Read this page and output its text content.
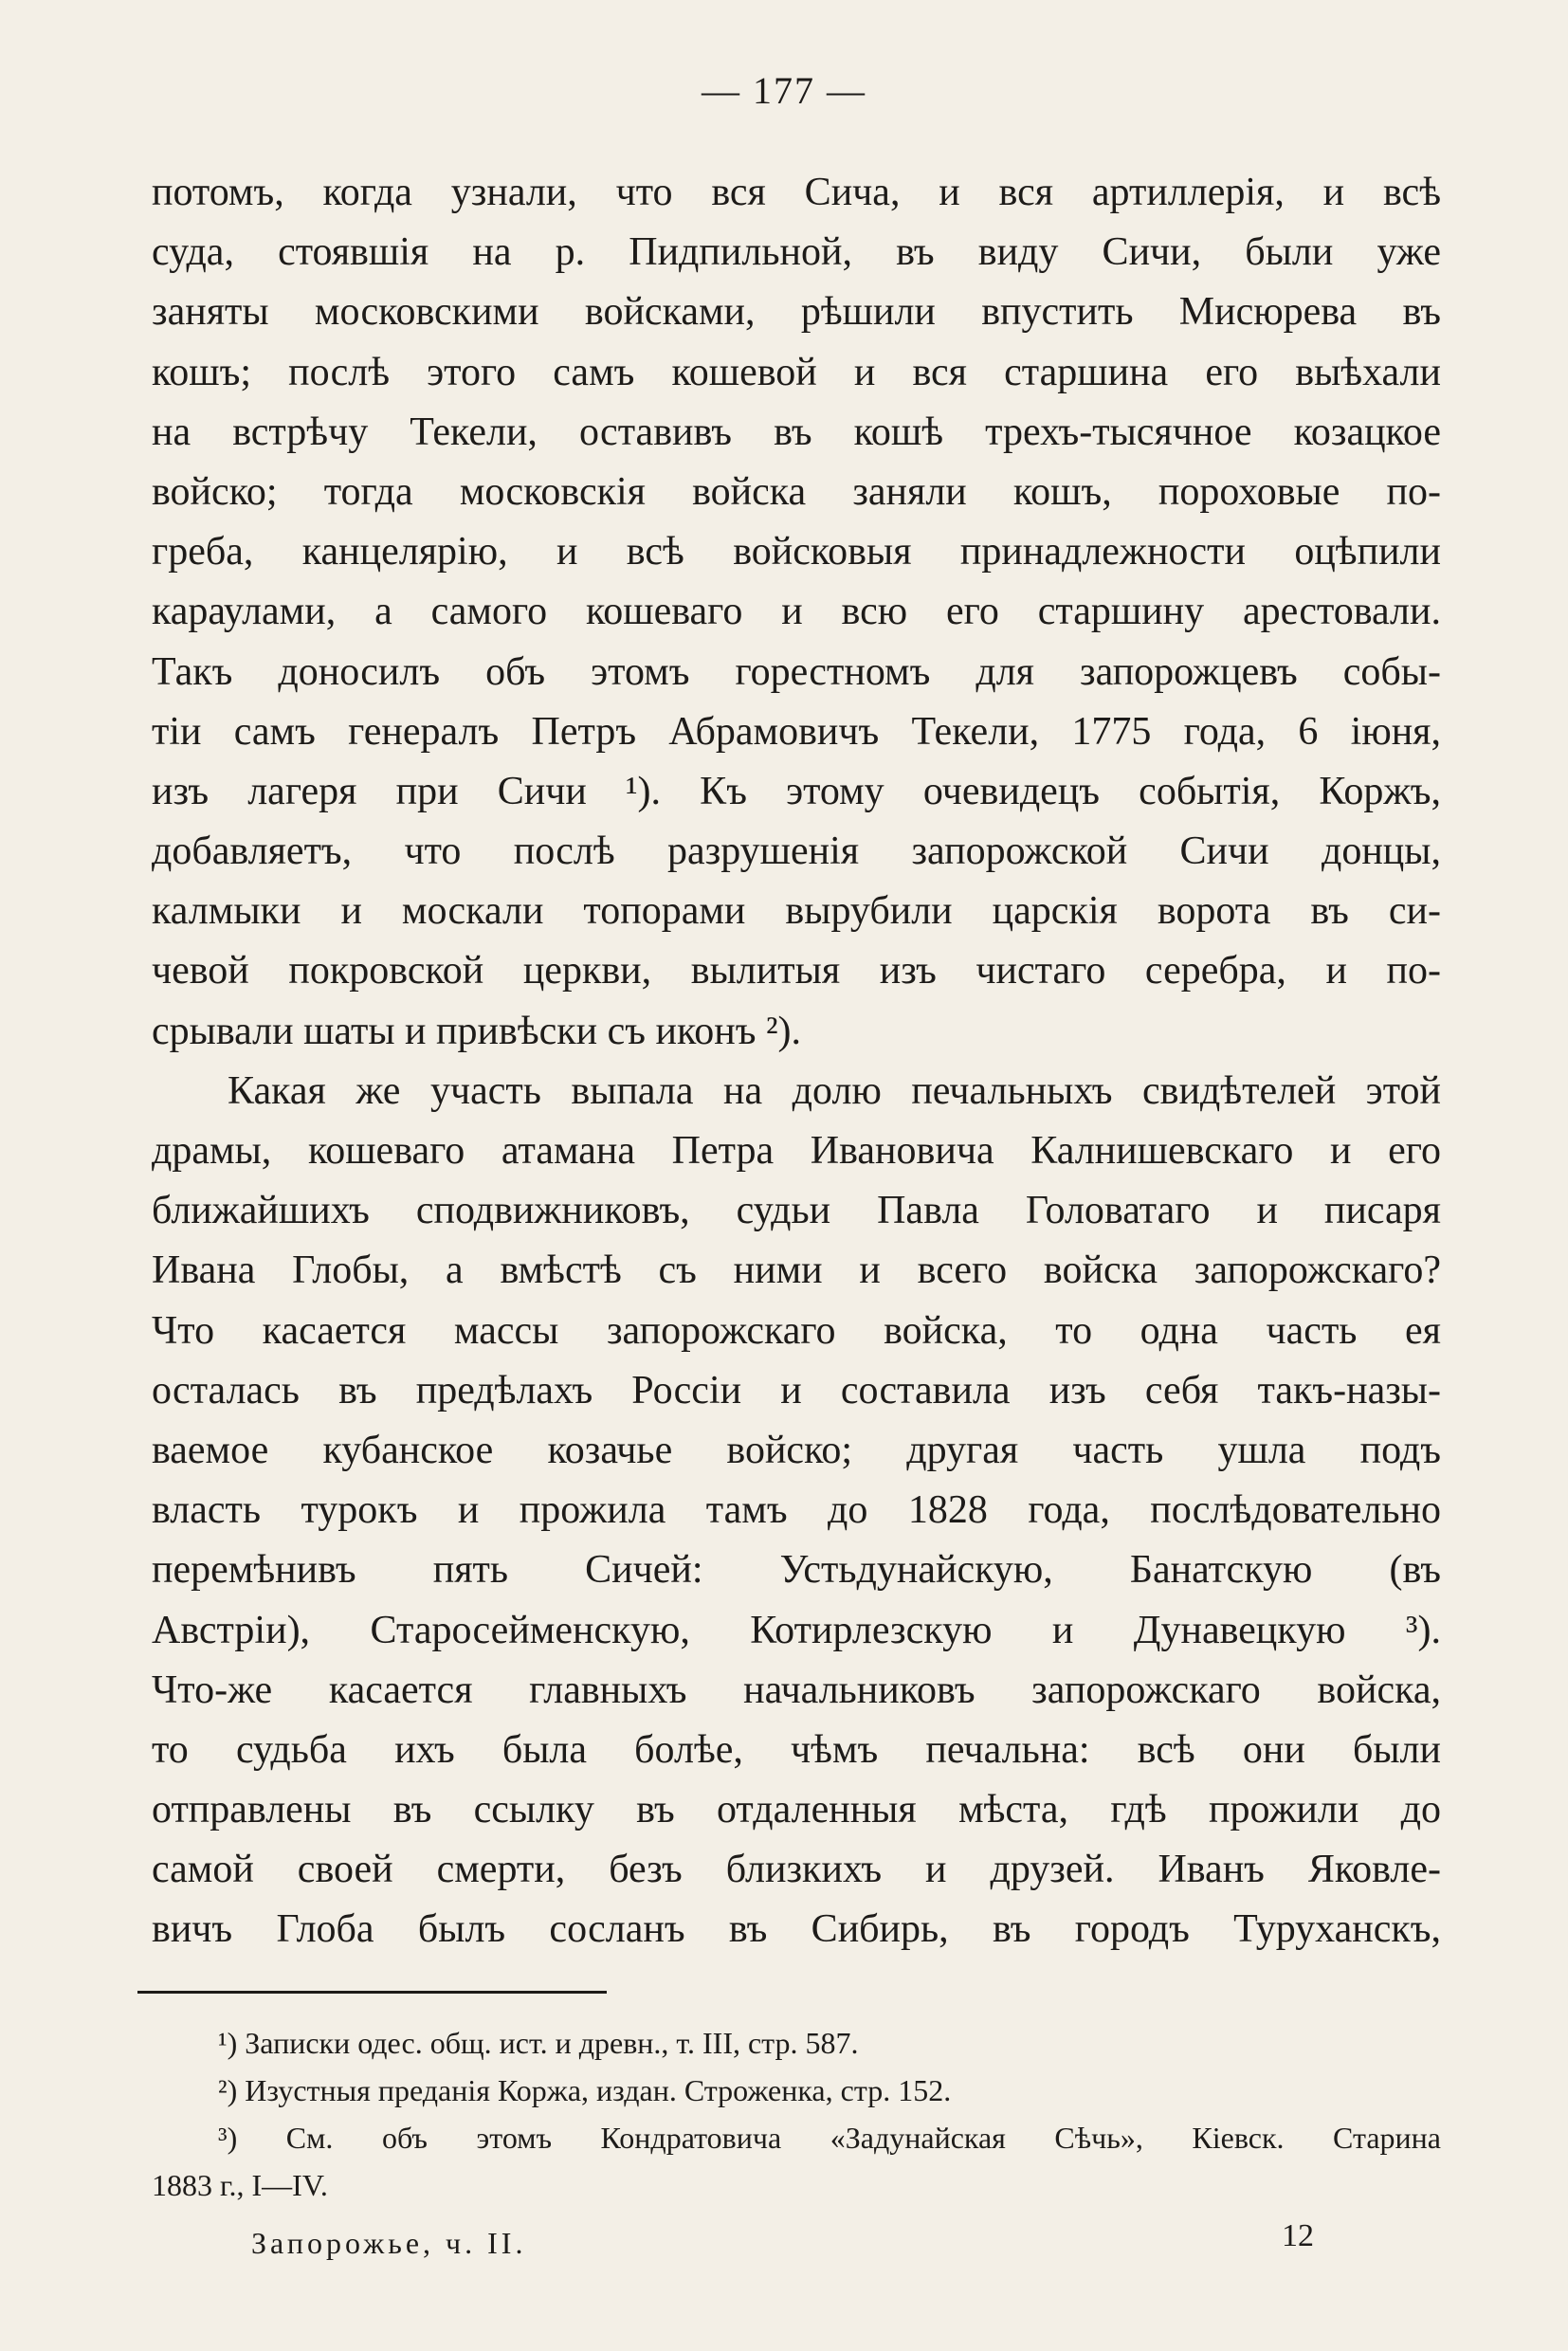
— 177 —
потомъ, когда узнали, что вся Сича, и вся артиллерія, и всѣ
суда, стоявшія на р. Пидпильной, въ виду Сичи, были уже
заняты московскими войсками, рѣшили впустить Мисюрева въ
кошъ; послѣ этого самъ кошевой и вся старшина его выѣхали
на встрѣчу Текели, оставивъ въ кошѣ трехъ-тысячное козацкое
войско; тогда московскія войска заняли кошъ, пороховые по-
греба, канцелярію, и всѣ войсковыя принадлежности оцѣпили
караулами, а самого кошеваго и всю его старшину арестовали.
Такъ доносилъ объ этомъ горестномъ для запорожцевъ собы-
тіи самъ генералъ Петръ Абрамовичъ Текели, 1775 года, 6 іюня,
изъ лагеря при Сичи ¹). Къ этому очевидецъ событія, Коржъ,
добавляетъ, что послѣ разрушенія запорожской Сичи донцы,
калмыки и москали топорами вырубили царскія ворота въ си-
чевой покровской церкви, вылитыя изъ чистаго серебра, и по-
срывали шаты и привѣски съ иконъ ²).
Какая же участь выпала на долю печальныхъ свидѣтелей этой
драмы, кошеваго атамана Петра Ивановича Калнишевскаго и его
ближайшихъ сподвижниковъ, судьи Павла Головатаго и писаря
Ивана Глобы, а вмѣстѣ съ ними и всего войска запорожскаго?
Что касается массы запорожскаго войска, то одна часть ея
осталась въ предѣлахъ Россіи и составила изъ себя такъ-назы-
ваемое кубанское козачье войско; другая часть ушла подъ
власть турокъ и прожила тамъ до 1828 года, послѣдовательно
перемѣнивъ пять Сичей: Устьдунайскую, Банатскую (въ
Австріи), Старосейменскую, Котирлезскую и Дунавецкую ³).
Что-же касается главныхъ начальниковъ запорожскаго войска,
то судьба ихъ была болѣе, чѣмъ печальна: всѣ они были
отправлены въ ссылку въ отдаленныя мѣста, гдѣ прожили до
самой своей смерти, безъ близкихъ и друзей. Иванъ Яковле-
вичъ Глоба былъ сосланъ въ Сибирь, въ городъ Туруханскъ,
¹) Записки одес. общ. ист. и древн., т. III, стр. 587.
²) Изустныя преданія Коржа, издан. Строженка, стр. 152.
³) См. объ этомъ Кондратовича «Задунайская Сѣчь», Кіевск. Старина
1883 г., I—IV.
Запорожье, ч. II.	12
